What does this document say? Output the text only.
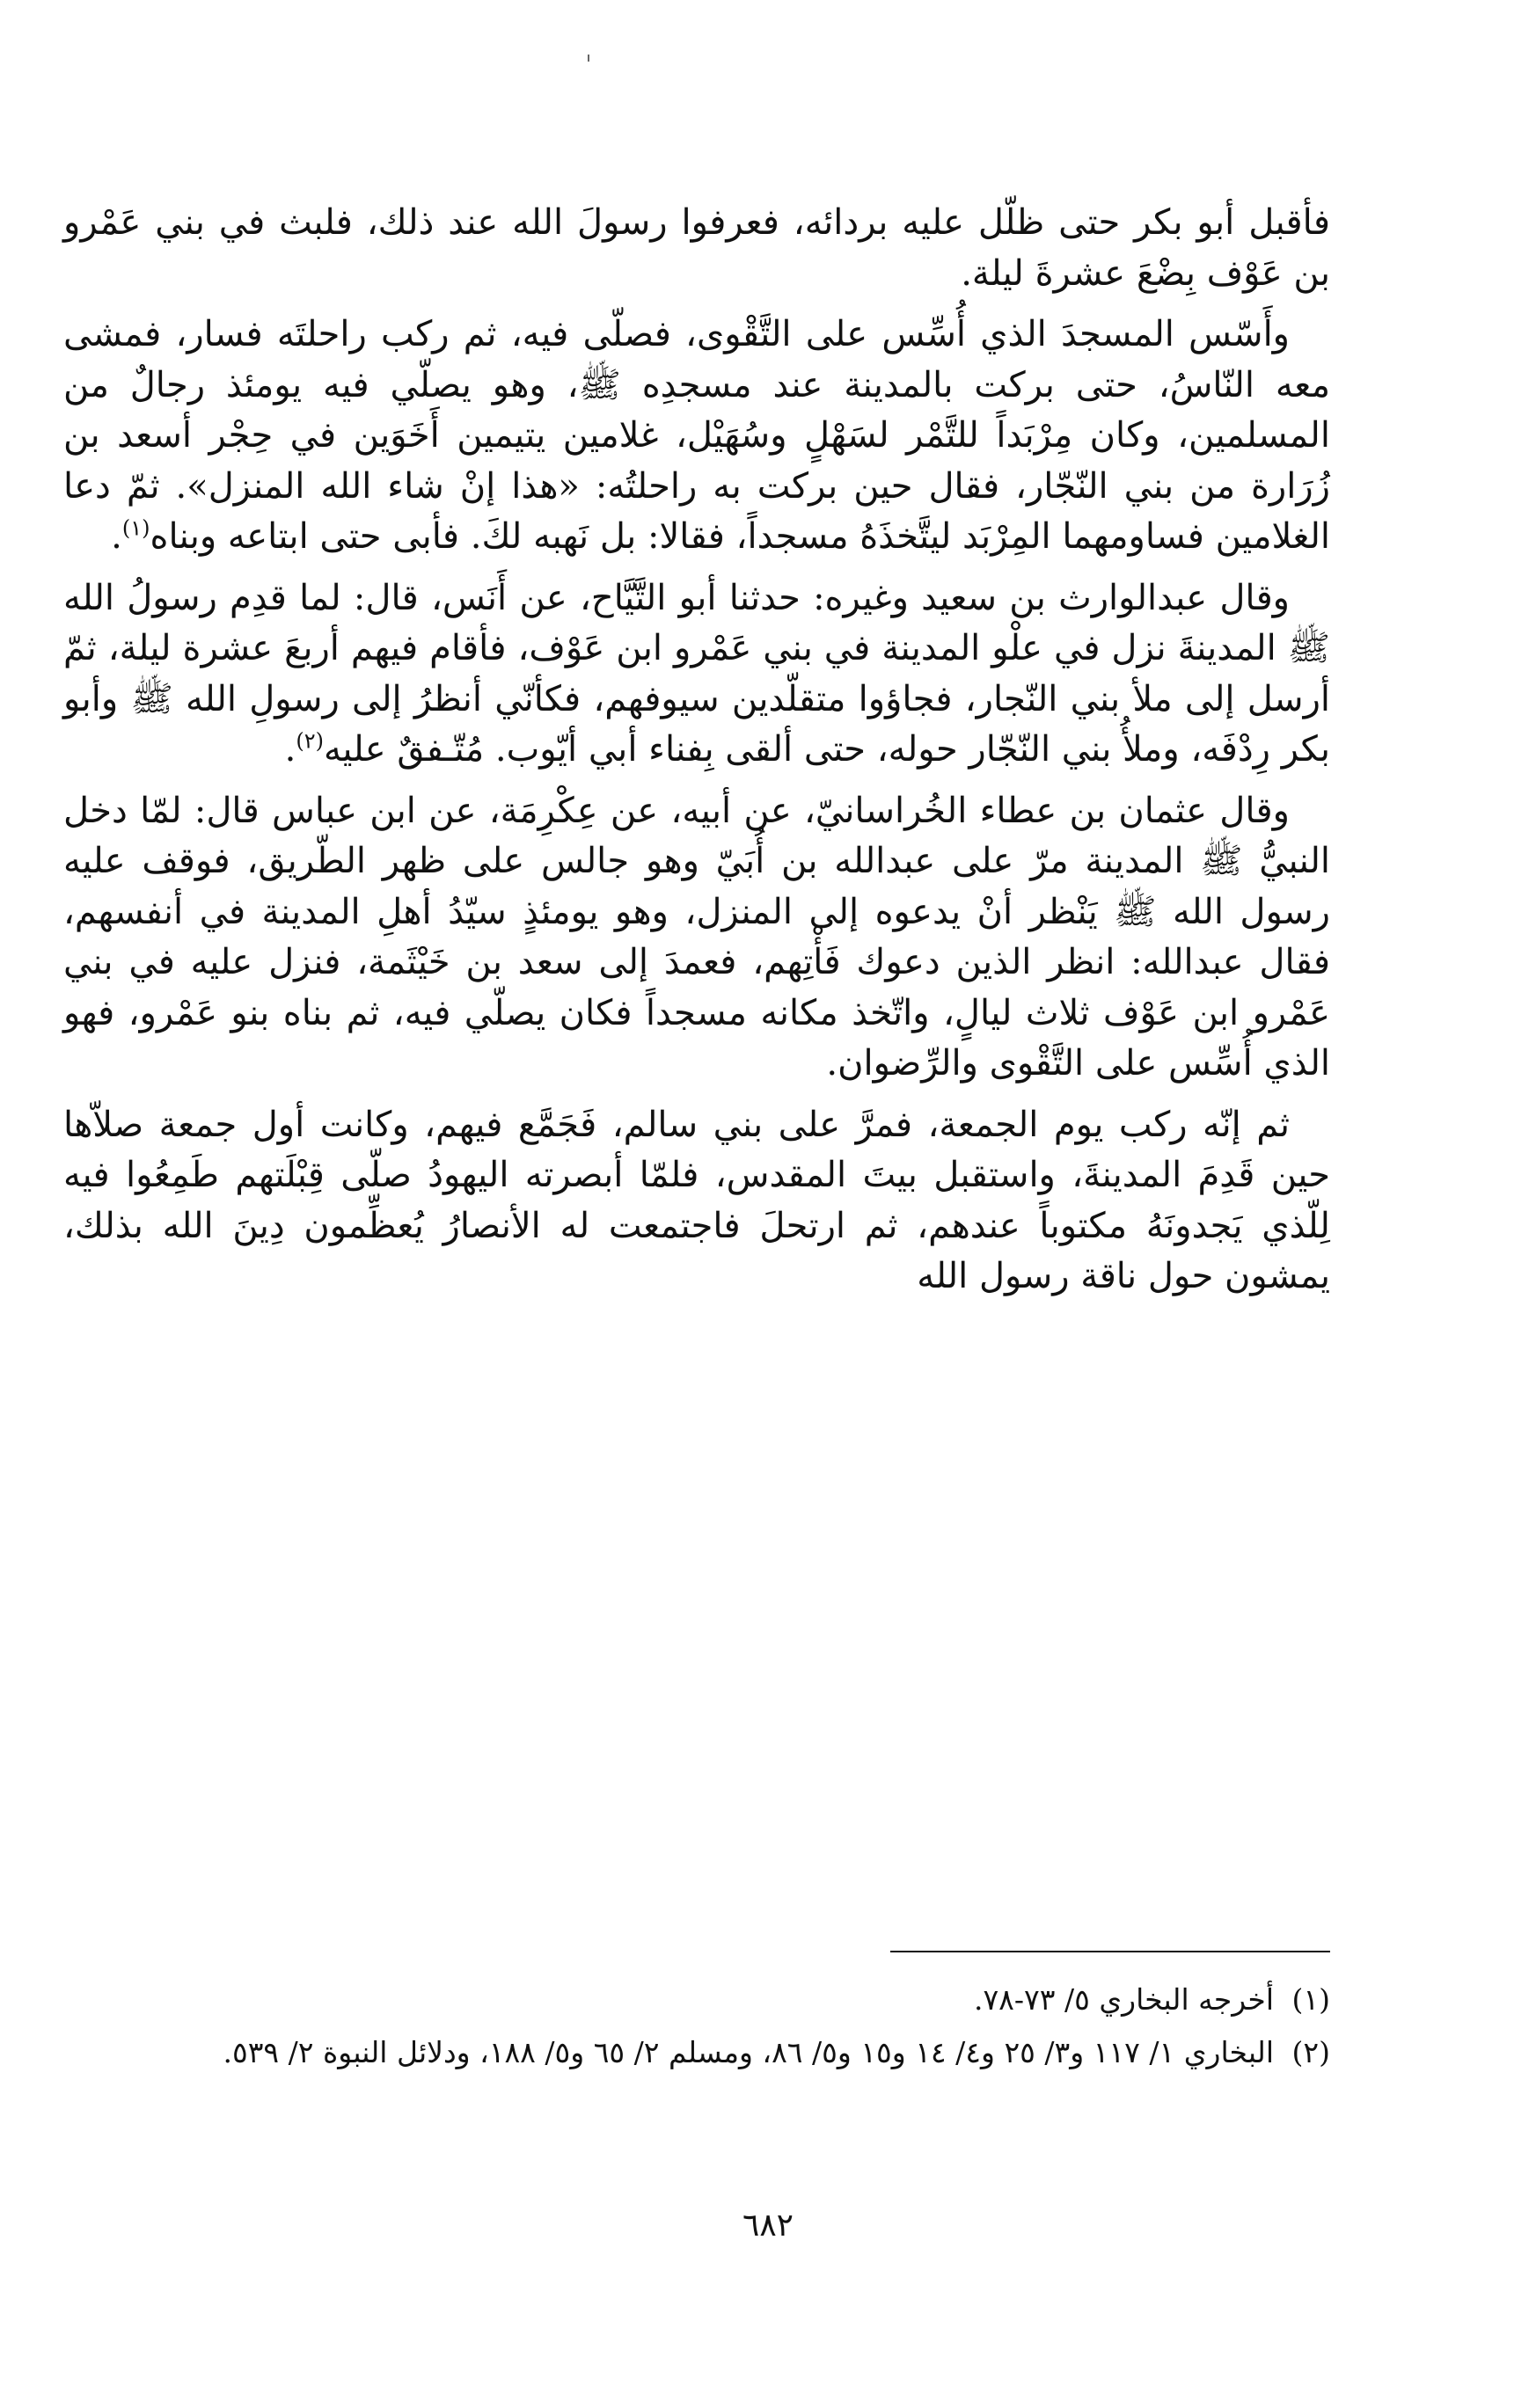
فأقبل أبو بكر حتى ظلّل عليه بردائه، فعرفوا رسولَ الله عند ذلك، فلبث في بني عَمْرو بن عَوْف بِضْعَ عشرةَ ليلة.

وأَسّس المسجدَ الذي أُسِّس على التَّقْوى، فصلّى فيه، ثم ركب راحلتَه فسار، فمشى معه النّاسُ، حتى بركت بالمدينة عند مسجدِه ﷺ، وهو يصلّي فيه يومئذ رجالٌ من المسلمين، وكان مِرْبَداً للتَّمْر لسَهْلٍ وسُهَيْل، غلامين يتيمين أَخَوَين في حِجْر أسعد بن زُرَارة من بني النّجّار، فقال حين بركت به راحلتُه: «هذا إنْ شاء الله المنزل». ثمّ دعا الغلامين فساومهما المِرْبَد ليتَّخذَهُ مسجداً، فقالا: بل نَهبه لكَ. فأبى حتى ابتاعه وبناه$^{(١)}$.

وقال عبدالوارث بن سعيد وغيره: حدثنا أبو التَّيَّاح، عن أَنَس، قال: لما قدِم رسولُ الله ﷺ المدينةَ نزل في علْو المدينة في بني عَمْرو ابن عَوْف، فأقام فيهم أربعَ عشرة ليلة، ثمّ أرسل إلى ملأ بني النّجار، فجاؤوا متقلّدين سيوفهم، فكأنّي أنظرُ إلى رسولِ الله ﷺ وأبو بكر رِدْفَه، وملأُ بني النّجّار حوله، حتى ألقى بِفناء أبي أيّوب. مُتّـفقٌ عليه$^{(٢)}$.

وقال عثمان بن عطاء الخُراسانيّ، عن أبيه، عن عِكْرِمَة، عن ابن عباس قال: لمّا دخل النبيُّ ﷺ المدينة مرّ على عبدالله بن أُبَيّ وهو جالس على ظهر الطّريق، فوقف عليه رسول الله ﷺ يَنْظر أنْ يدعوه إلى المنزل، وهو يومئذٍ سيّدُ أهلِ المدينة في أنفسهم، فقال عبدالله: انظر الذين دعوك فَأْتِهم، فعمدَ إلى سعد بن خَيْثَمة، فنزل عليه في بني عَمْرو ابن عَوْف ثلاث ليالٍ، واتّخذ مكانه مسجداً فكان يصلّي فيه، ثم بناه بنو عَمْرو، فهو الذي أُسِّس على التَّقْوى والرِّضوان.

ثم إنّه ركب يوم الجمعة، فمرَّ على بني سالم، فَجَمَّع فيهم، وكانت أول جمعة صلاّها حين قَدِمَ المدينةَ، واستقبل بيتَ المقدس، فلمّا أبصرته اليهودُ صلّى قِبْلَتهم طَمِعُوا فيه لِلّذي يَجدونَهُ مكتوباً عندهم، ثم ارتحلَ فاجتمعت له الأنصارُ يُعظِّمون دِينَ الله بذلك، يمشون حول ناقة رسول الله

(١)
أخرجه البخاري ٥/ ٧٣-٧٨.
(٢)
البخاري ١/ ١١٧ و٣/ ٢٥ و٤/ ١٤ و١٥ و٥/ ٨٦، ومسلم ٢/ ٦٥ و٥/ ١٨٨، ودلائل النبوة ٢/ ٥٣٩.
٦٨٢
